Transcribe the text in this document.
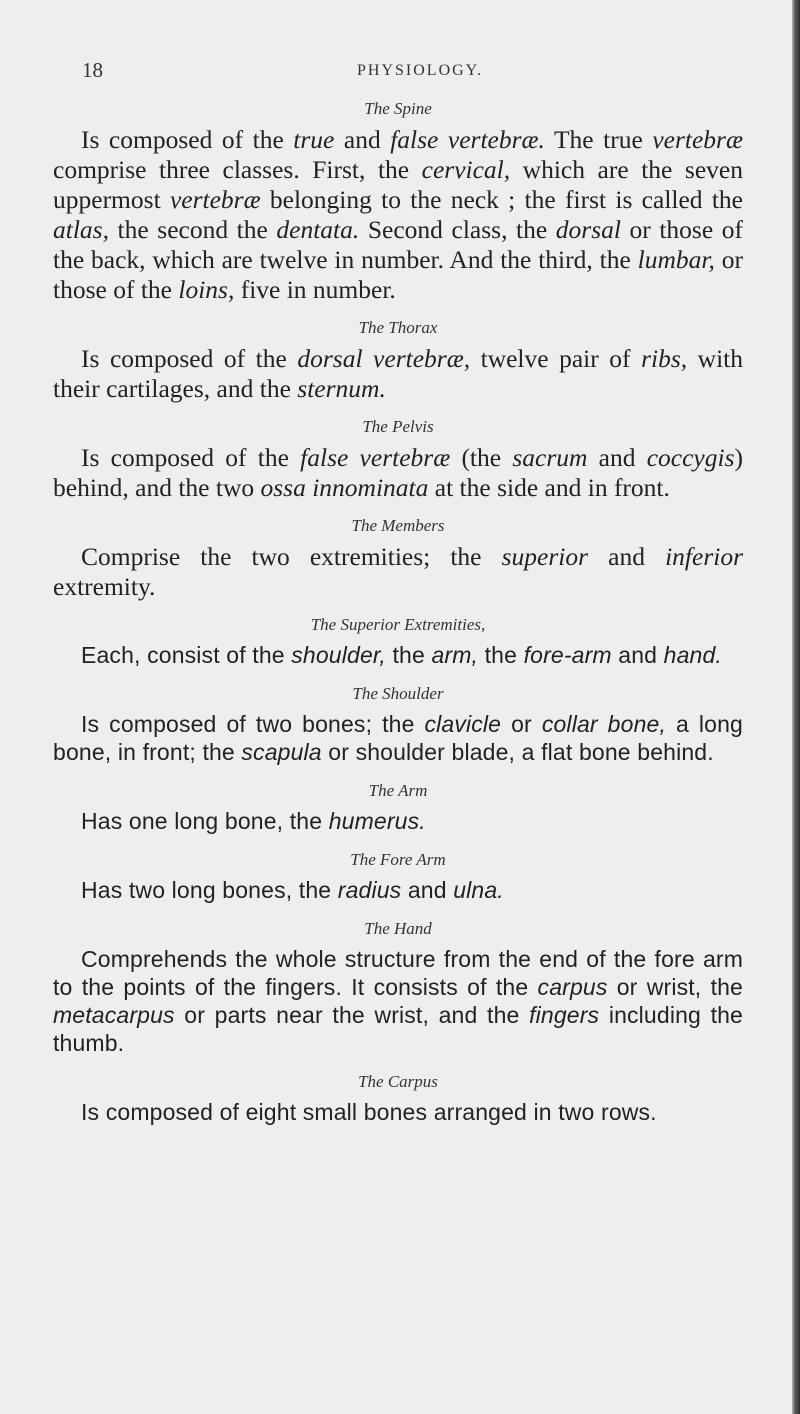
18	PHYSIOLOGY.
The Spine
Is composed of the true and false vertebræ. The true vertebræ comprise three classes. First, the cervical, which are the seven uppermost vertebræ belonging to the neck ; the first is called the atlas, the second the dentata. Second class, the dorsal or those of the back, which are twelve in number. And the third, the lumbar, or those of the loins, five in number.
The Thorax
Is composed of the dorsal vertebræ, twelve pair of ribs, with their cartilages, and the sternum.
The Pelvis
Is composed of the false vertebræ (the sacrum and coccygis) behind, and the two ossa innominata at the side and in front.
The Members
Comprise the two extremities; the superior and inferior extremity.
The Superior Extremities,
Each, consist of the shoulder, the arm, the fore-arm and hand.
The Shoulder
Is composed of two bones; the clavicle or collar bone, a long bone, in front; the scapula or shoulder blade, a flat bone behind.
The Arm
Has one long bone, the humerus.
The Fore Arm
Has two long bones, the radius and ulna.
The Hand
Comprehends the whole structure from the end of the fore arm to the points of the fingers. It consists of the carpus or wrist, the metacarpus or parts near the wrist, and the fingers including the thumb.
The Carpus
Is composed of eight small bones arranged in two rows.
